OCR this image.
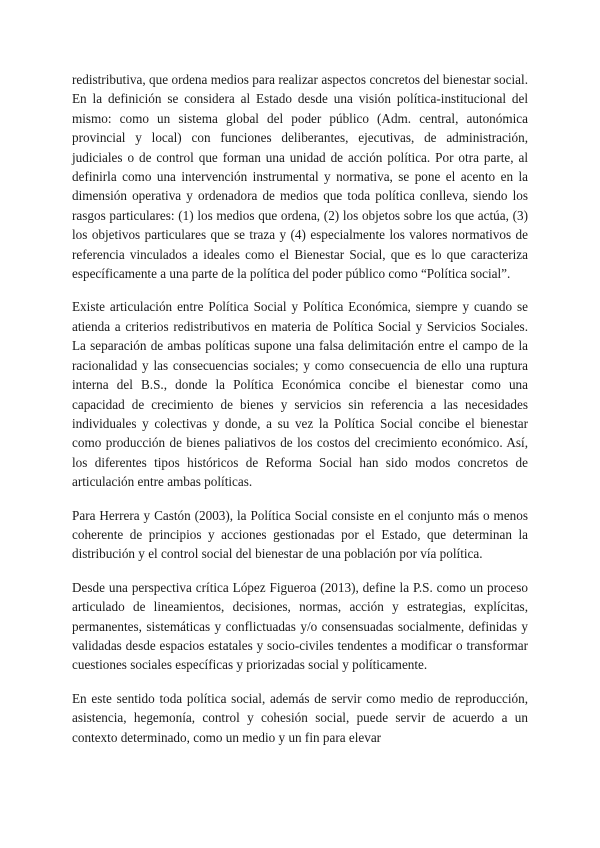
redistributiva, que ordena medios para realizar aspectos concretos del bienestar social. En la definición se considera al Estado desde una visión política-institucional del mismo: como un sistema global del poder público (Adm. central, autonómica provincial y local) con funciones deliberantes, ejecutivas, de administración, judiciales o de control que forman una unidad de acción política. Por otra parte, al definirla como una intervención instrumental y normativa, se pone el acento en la dimensión operativa y ordenadora de medios que toda política conlleva, siendo los rasgos particulares: (1) los medios que ordena, (2) los objetos sobre los que actúa, (3) los objetivos particulares que se traza y (4) especialmente los valores normativos de referencia vinculados a ideales como el Bienestar Social, que es lo que caracteriza específicamente a una parte de la política del poder público como “Política social”.

Existe articulación entre Política Social y Política Económica, siempre y cuando se atienda a criterios redistributivos en materia de Política Social y Servicios Sociales. La separación de ambas políticas supone una falsa delimitación entre el campo de la racionalidad y las consecuencias sociales; y como consecuencia de ello una ruptura interna del B.S., donde la Política Económica concibe el bienestar como una capacidad de crecimiento de bienes y servicios sin referencia a las necesidades individuales y colectivas y donde, a su vez la Política Social concibe el bienestar como producción de bienes paliativos de los costos del crecimiento económico. Así, los diferentes tipos históricos de Reforma Social han sido modos concretos de articulación entre ambas políticas.

Para Herrera y Castón (2003), la Política Social consiste en el conjunto más o menos coherente de principios y acciones gestionadas por el Estado, que determinan la distribución y el control social del bienestar de una población por vía política.

Desde una perspectiva crítica López Figueroa (2013), define la P.S. como un proceso articulado de lineamientos, decisiones, normas, acción y estrategias, explícitas, permanentes, sistemáticas y conflictuadas y/o consensuadas socialmente, definidas y validadas desde espacios estatales y socio-civiles tendentes a modificar o transformar cuestiones sociales específicas y priorizadas social y políticamente.

En este sentido toda política social, además de servir como medio de reproducción, asistencia, hegemonía, control y cohesión social, puede servir de acuerdo a un contexto determinado, como un medio y un fin para elevar
